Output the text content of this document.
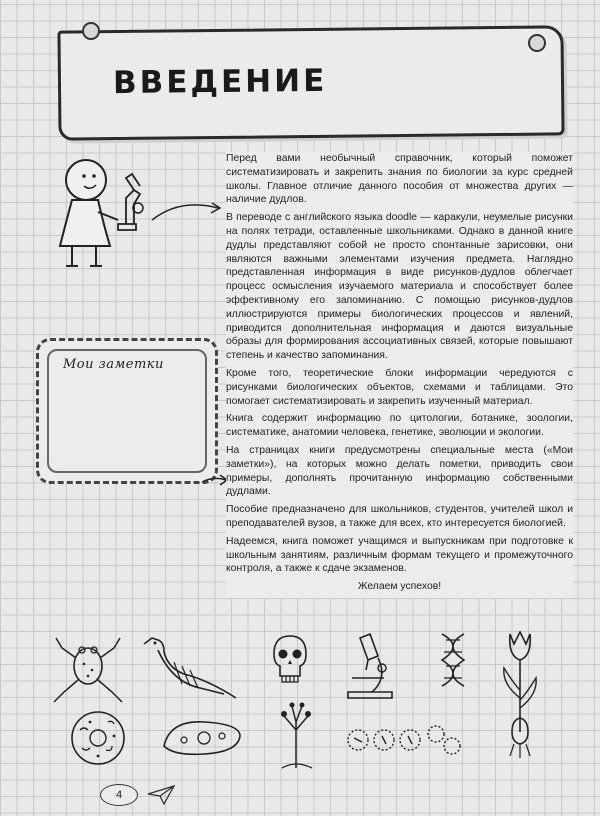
ВВЕДЕНИЕ
Мои заметки

Перед вами необычный справочник, который поможет систематизировать и закрепить знания по биологии за курс средней школы. Главное отличие данного пособия от множества других — наличие дудлов.

В переводе с английского языка doodle — каракули, неумелые рисунки на полях тетради, оставленные школьниками. Однако в данной книге дудлы представляют собой не просто спонтанные зарисовки, они являются важными элементами изучения предмета. Наглядно представленная информация в виде рисунков-дудлов облегчает процесс осмысления изучаемого материала и способствует более эффективному его запоминанию. С помощью рисунков-дудлов иллюстрируются примеры биологических процессов и явлений, приводится дополнительная информация и даются визуальные образы для формирования ассоциативных связей, которые повышают степень и качество запоминания.

Кроме того, теоретические блоки информации чередуются с рисунками биологических объектов, схемами и таблицами. Это помогает систематизировать и закрепить изученный материал.

Книга содержит информацию по цитологии, ботанике, зоологии, систематике, анатомии человека, генетике, эволюции и экологии.

На страницах книги предусмотрены специальные места («Мои заметки»), на которых можно делать пометки, приводить свои примеры, дополнять прочитанную информацию собственными дудлами.

Пособие предназначено для школьников, студентов, учителей школ и преподавателей вузов, а также для всех, кто интересуется биологией.

Надеемся, книга поможет учащимся и выпускникам при подготовке к школьным занятиям, различным формам текущего и промежуточного контроля, а также к сдаче экзаменов.

Желаем успехов!

4
